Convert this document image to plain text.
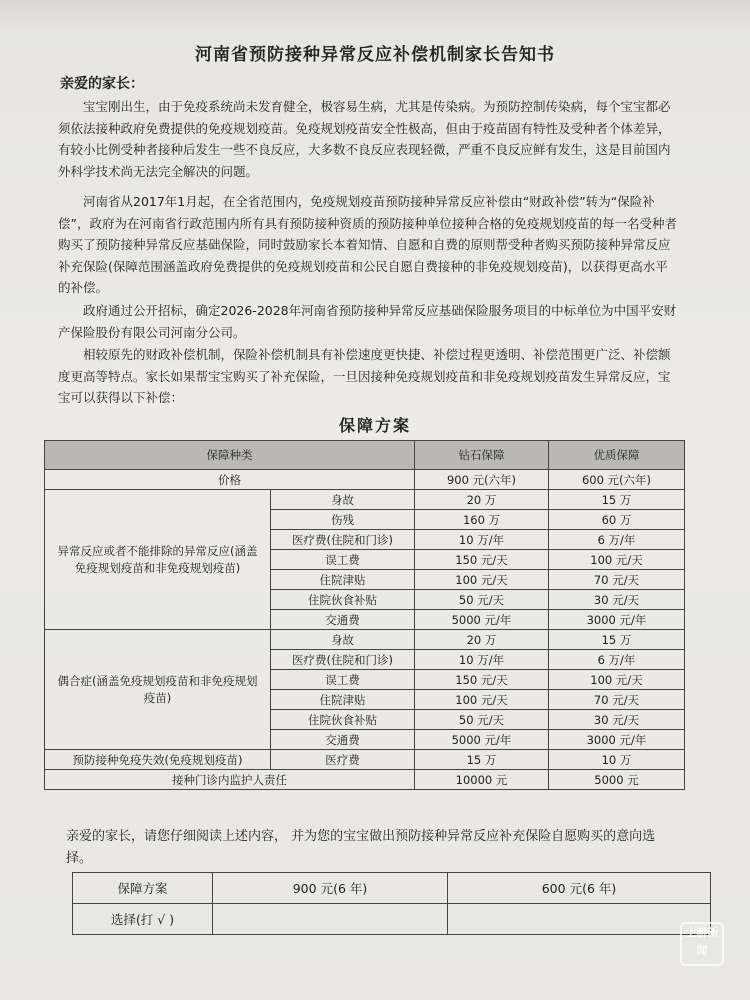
河南省预防接种异常反应补偿机制家长告知书
亲爱的家长：

宝宝刚出生，由于免疫系统尚未发育健全，极容易生病，尤其是传染病。为预防控制传染病，每个宝宝都必须依法接种政府免费提供的免疫规划疫苗。免疫规划疫苗安全性极高，但由于疫苗固有特性及受种者个体差异，有较小比例受种者接种后发生一些不良反应，大多数不良反应表现轻微，严重不良反应鲜有发生，这是目前国内外科学技术尚无法完全解决的问题。

河南省从2017年1月起，在全省范围内，免疫规划疫苗预防接种异常反应补偿由“财政补偿”转为“保险补偿”，政府为在河南省行政范围内所有具有预防接种资质的预防接种单位接种合格的免疫规划疫苗的每一名受种者购买了预防接种异常反应基础保险，同时鼓励家长本着知情、自愿和自费的原则帮受种者购买预防接种异常反应补充保险(保障范围涵盖政府免费提供的免疫规划疫苗和公民自愿自费接种的非免疫规划疫苗)，以获得更高水平的补偿。

政府通过公开招标，确定2026-2028年河南省预防接种异常反应基础保险服务项目的中标单位为中国平安财产保险股份有限公司河南分公司。

相较原先的财政补偿机制，保险补偿机制具有补偿速度更快捷、补偿过程更透明、补偿范围更广泛、补偿额度更高等特点。家长如果帮宝宝购买了补充保险，一旦因接种免疫规划疫苗和非免疫规划疫苗发生异常反应，宝宝可以获得以下补偿：

保障方案
保障种类		钻石保障	优质保障
价格		900 元(六年)	600 元(六年)
异常反应或者不能排除的异常反应(涵盖免疫规划疫苗和非免疫规划疫苗)	身故	20 万	15 万
	伤残	160 万	60 万
	医疗费(住院和门诊)	10 万/年	6 万/年
	误工费	150 元/天	100 元/天
	住院津贴	100 元/天	70 元/天
	住院伙食补贴	50 元/天	30 元/天
	交通费	5000 元/年	3000 元/年
偶合症(涵盖免疫规划疫苗和非免疫规划疫苗)	身故	20 万	15 万
	医疗费(住院和门诊)	10 万/年	6 万/年
	误工费	150 元/天	100 元/天
	住院津贴	100 元/天	70 元/天
	住院伙食补贴	50 元/天	30 元/天
	交通费	5000 元/年	3000 元/年
预防接种免疫失效(免疫规划疫苗)	医疗费	15 万	10 万
接种门诊内监护人责任		10000 元	5000 元

亲爱的家长，请您仔细阅读上述内容， 并为您的宝宝做出预防接种异常反应补充保险自愿购买的意向选择。

保障方案	900 元(6 年)	600 元(6 年)
选择(打 √ )		
上游新闻
